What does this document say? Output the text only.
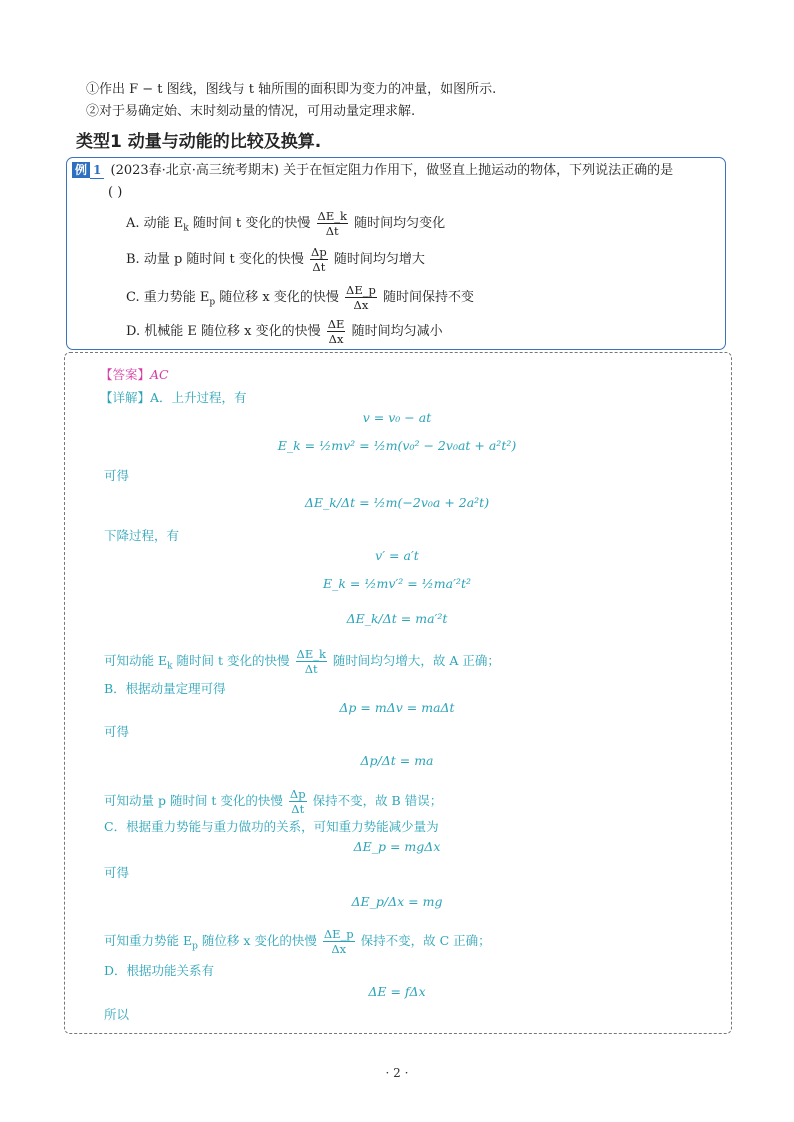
①作出 F − t 图线，图线与 t 轴所围的面积即为变力的冲量，如图所示.
②对于易确定始、末时刻动量的情况，可用动量定理求解.
类型1 动量与动能的比较及换算.
例 1 (2023春·北京·高三统考期末) 关于在恒定阻力作用下，做竖直上抛运动的物体，下列说法正确的是
( )
A. 动能 $E_k$ 随时间 t 变化的快慢 $\frac{\Delta E\_k}{\Delta t}$ 随时间均匀变化
B. 动量 p 随时间 t 变化的快慢 $\frac{\Delta p}{\Delta t}$ 随时间均匀增大
C. 重力势能 $E_p$ 随位移 x 变化的快慢 $\frac{\Delta E\_p}{\Delta x}$ 随时间保持不变
D. 机械能 E 随位移 x 变化的快慢 $\frac{\Delta E}{\Delta x}$ 随时间均匀减小
【答案】AC
【详解】A．上升过程，有
v = v₀ − at
E_k = ½mv² = ½m(v₀² − 2v₀at + a²t²)
可得
ΔE_k/Δt = ½m(−2v₀a + 2a²t)
下降过程，有
v′ = a′t
E_k = ½mv′² = ½ma′²t²
ΔE_k/Δt = ma′²t
可知动能 $E_k$ 随时间 t 变化的快慢 $\frac{\Delta E\_k}{\Delta t}$ 随时间均匀增大，故 A 正确；
B．根据动量定理可得
Δp = mΔv = maΔt
可得
Δp/Δt = ma
可知动量 p 随时间 t 变化的快慢 $\frac{\Delta p}{\Delta t}$ 保持不变，故 B 错误；
C．根据重力势能与重力做功的关系，可知重力势能减少量为
ΔE_p = mgΔx
可得
ΔE_p/Δx = mg
可知重力势能 $E_p$ 随位移 x 变化的快慢 $\frac{\Delta E\_p}{\Delta x}$ 保持不变，故 C 正确；
D．根据功能关系有
ΔE = fΔx
所以
· 2 ·
